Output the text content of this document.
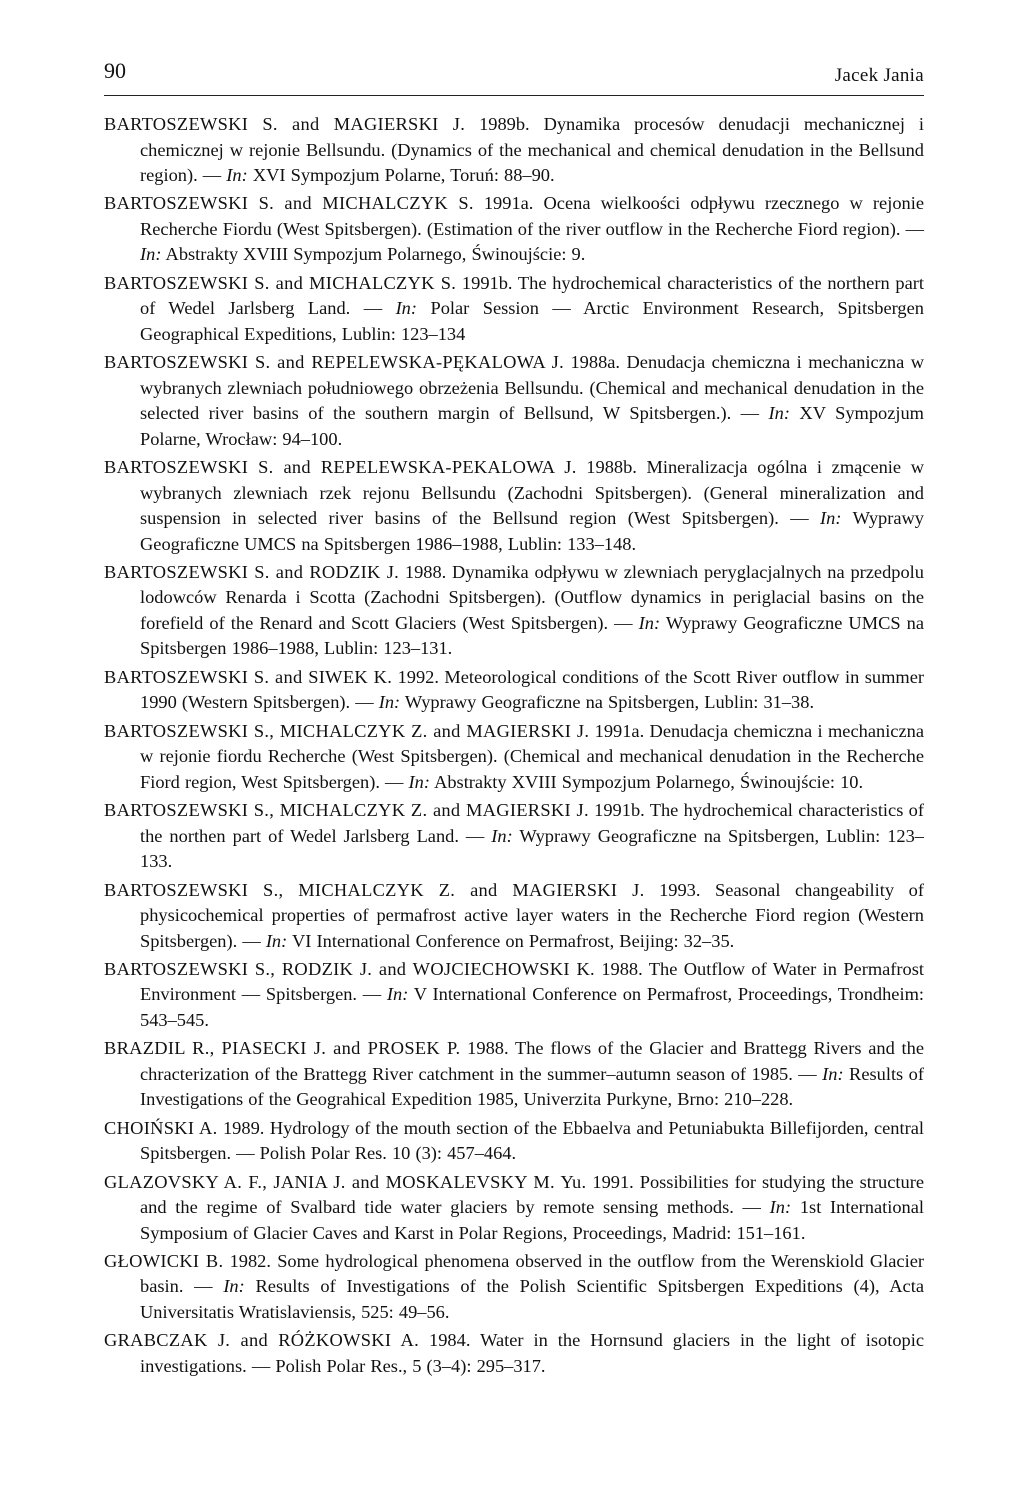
90	Jacek Jania

BARTOSZEWSKI S. and MAGIERSKI J. 1989b. Dynamika procesów denudacji mechanicznej i chemicznej w rejonie Bellsundu. (Dynamics of the mechanical and chemical denudation in the Bellsund region). — In: XVI Sympozjum Polarne, Toruń: 88–90.

BARTOSZEWSKI S. and MICHALCZYK S. 1991a. Ocena wielkoości odpływu rzecznego w rejonie Recherche Fiordu (West Spitsbergen). (Estimation of the river outflow in the Recherche Fiord region). — In: Abstrakty XVIII Sympozjum Polarnego, Świnoujście: 9.

BARTOSZEWSKI S. and MICHALCZYK S. 1991b. The hydrochemical characteristics of the northern part of Wedel Jarlsberg Land. — In: Polar Session — Arctic Environment Research, Spitsbergen Geographical Expeditions, Lublin: 123–134

BARTOSZEWSKI S. and REPELEWSKA-PĘKALOWA J. 1988a. Denudacja chemiczna i mechaniczna w wybranych zlewniach południowego obrzeżenia Bellsundu. (Chemical and mechanical denudation in the selected river basins of the southern margin of Bellsund, W Spitsbergen.). — In: XV Sympozjum Polarne, Wrocław: 94–100.

BARTOSZEWSKI S. and REPELEWSKA-PEKALOWA J. 1988b. Mineralizacja ogólna i zmącenie w wybranych zlewniach rzek rejonu Bellsundu (Zachodni Spitsbergen). (General mineralization and suspension in selected river basins of the Bellsund region (West Spitsbergen). — In: Wyprawy Geograficzne UMCS na Spitsbergen 1986–1988, Lublin: 133–148.

BARTOSZEWSKI S. and RODZIK J. 1988. Dynamika odpływu w zlewniach peryglacjalnych na przedpolu lodowców Renarda i Scotta (Zachodni Spitsbergen). (Outflow dynamics in periglacial basins on the forefield of the Renard and Scott Glaciers (West Spitsbergen). — In: Wyprawy Geograficzne UMCS na Spitsbergen 1986–1988, Lublin: 123–131.

BARTOSZEWSKI S. and SIWEK K. 1992. Meteorological conditions of the Scott River outflow in summer 1990 (Western Spitsbergen). — In: Wyprawy Geograficzne na Spitsbergen, Lublin: 31–38.

BARTOSZEWSKI S., MICHALCZYK Z. and MAGIERSKI J. 1991a. Denudacja chemiczna i mechaniczna w rejonie fiordu Recherche (West Spitsbergen). (Chemical and mechanical denudation in the Recherche Fiord region, West Spitsbergen). — In: Abstrakty XVIII Sympozjum Polarnego, Świnoujście: 10.

BARTOSZEWSKI S., MICHALCZYK Z. and MAGIERSKI J. 1991b. The hydrochemical characteristics of the northen part of Wedel Jarlsberg Land. — In: Wyprawy Geograficzne na Spitsbergen, Lublin: 123–133.

BARTOSZEWSKI S., MICHALCZYK Z. and MAGIERSKI J. 1993. Seasonal changeability of physicochemical properties of permafrost active layer waters in the Recherche Fiord region (Western Spitsbergen). — In: VI International Conference on Permafrost, Beijing: 32–35.

BARTOSZEWSKI S., RODZIK J. and WOJCIECHOWSKI K. 1988. The Outflow of Water in Permafrost Environment — Spitsbergen. — In: V International Conference on Permafrost, Proceedings, Trondheim: 543–545.

BRAZDIL R., PIASECKI J. and PROSEK P. 1988. The flows of the Glacier and Brattegg Rivers and the chracterization of the Brattegg River catchment in the summer–autumn season of 1985. — In: Results of Investigations of the Geograhical Expedition 1985, Univerzita Purkyne, Brno: 210–228.

CHOIŃSKI A. 1989. Hydrology of the mouth section of the Ebbaelva and Petuniabukta Billefijorden, central Spitsbergen. — Polish Polar Res. 10 (3): 457–464.

GLAZOVSKY A. F., JANIA J. and MOSKALEVSKY M. Yu. 1991. Possibilities for studying the structure and the regime of Svalbard tide water glaciers by remote sensing methods. — In: 1st International Symposium of Glacier Caves and Karst in Polar Regions, Proceedings, Madrid: 151–161.

GŁOWICKI B. 1982. Some hydrological phenomena observed in the outflow from the Werenskiold Glacier basin. — In: Results of Investigations of the Polish Scientific Spitsbergen Expeditions (4), Acta Universitatis Wratislaviensis, 525: 49–56.

GRABCZAK J. and RÓŻKOWSKI A. 1984. Water in the Hornsund glaciers in the light of isotopic investigations. — Polish Polar Res., 5 (3–4): 295–317.
